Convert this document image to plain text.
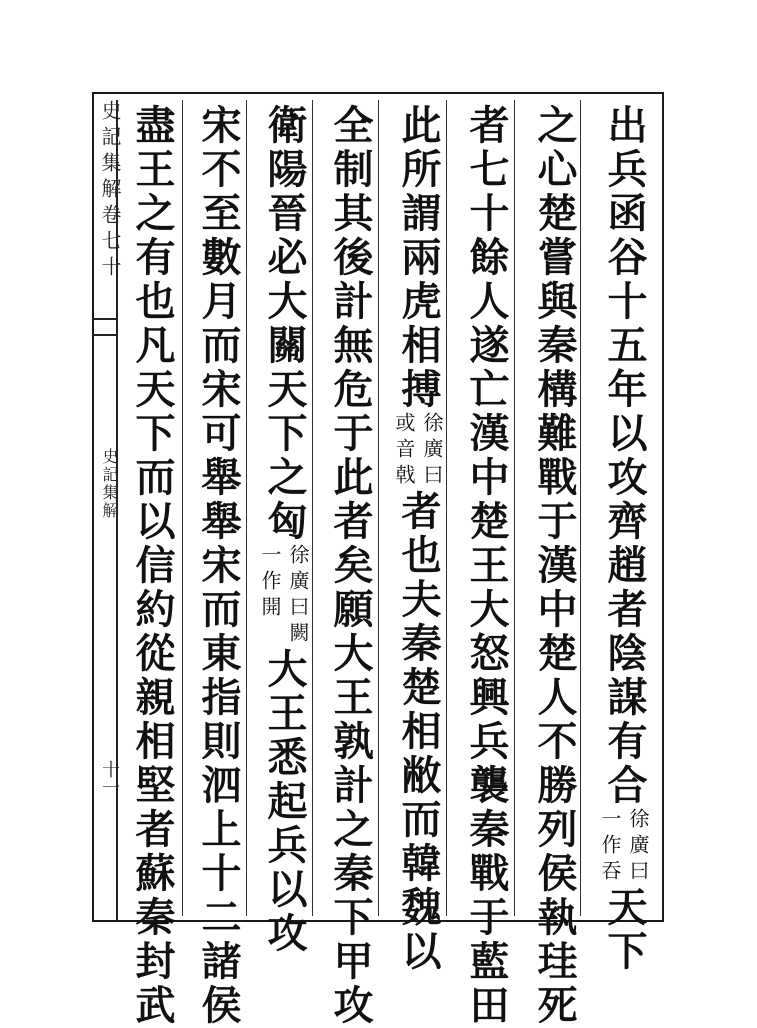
史記集解卷七十
史記集解
十一	出兵函谷十五年以攻齊趙者陰謀有合
徐廣曰
一作吞
天下
之心楚嘗與秦構難戰于漢中楚人不勝列侯執珪死
者七十餘人遂亡漢中楚王大怒興兵襲秦戰于藍田
此所謂兩虎相搏
徐廣曰
或音戟
者也夫秦楚相敝而韓魏以
全制其後計無危于此者矣願大王孰計之秦下甲攻
衛陽晉必大關天下之匈
徐廣曰闕
一作開
大王悉起兵以攻
宋不至數月而宋可舉舉宋而東指則泗上十二諸侯
盡王之有也凡天下而以信約從親相堅者蘇秦封武
